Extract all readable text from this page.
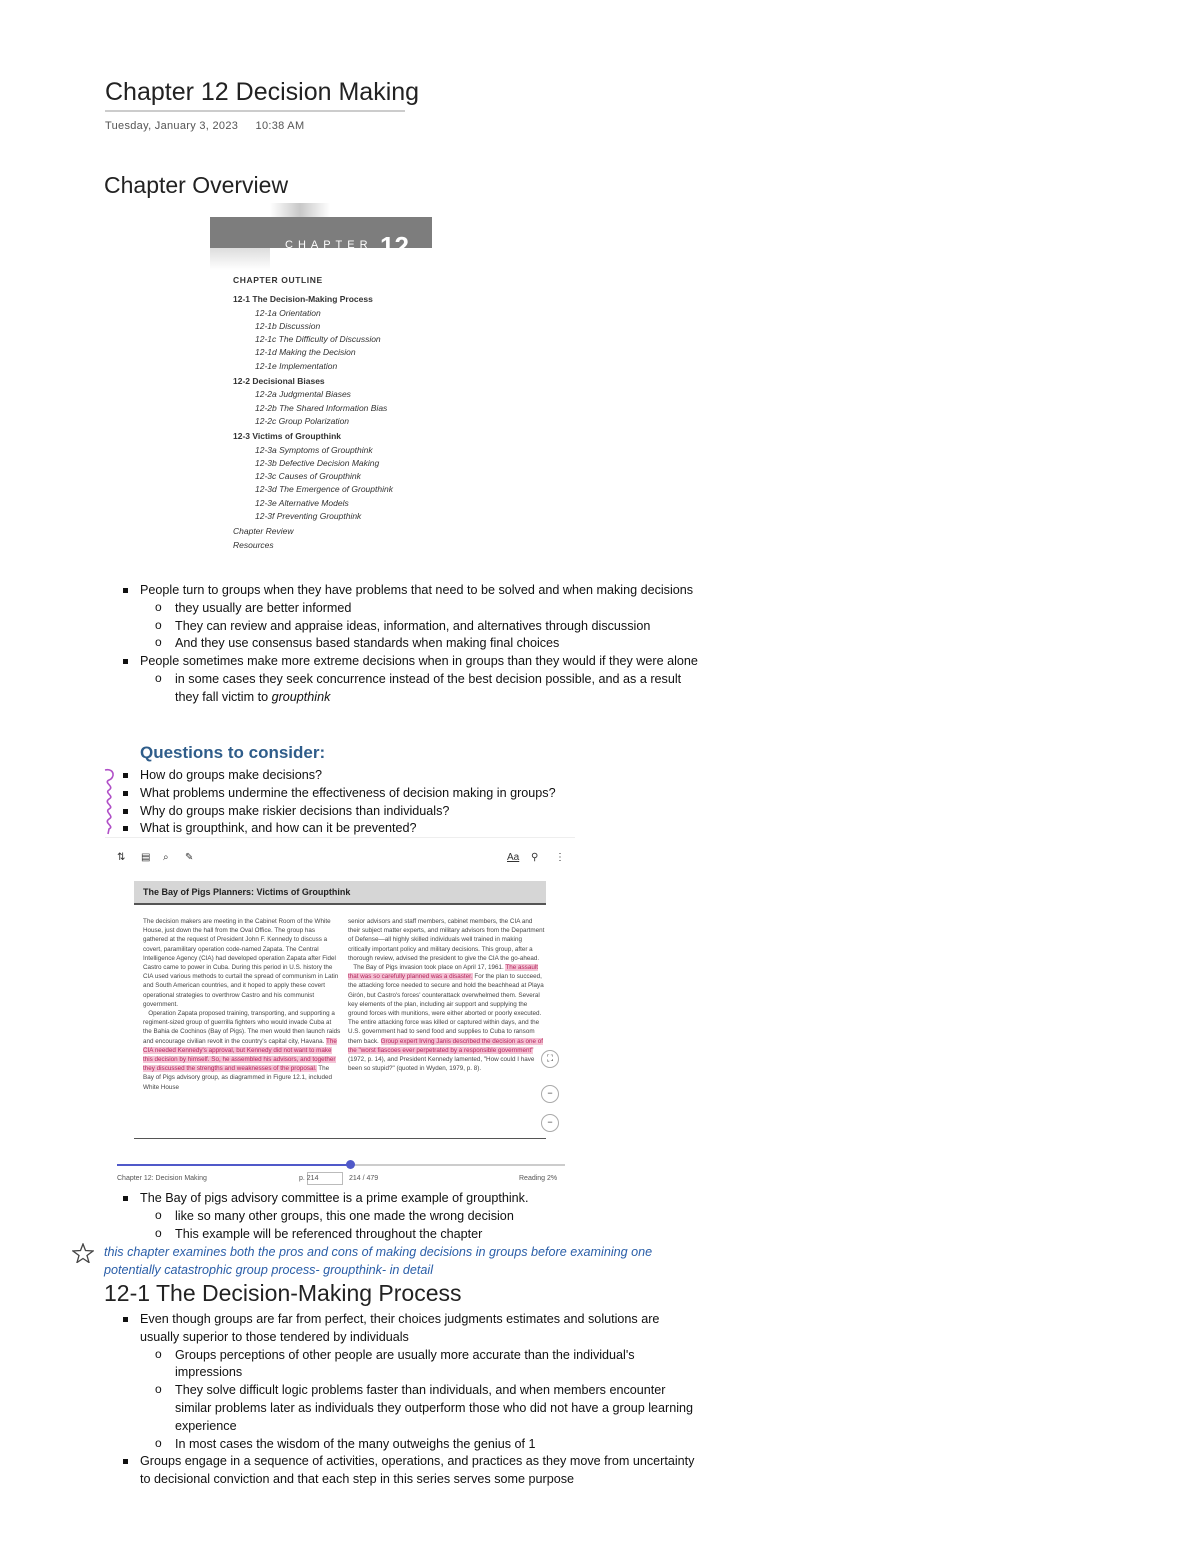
Chapter 12 Decision Making
Tuesday, January 3, 2023 10:38 AM
Chapter Overview
CHAPTER 12
CHAPTER OUTLINE
12-1 The Decision-Making Process
12-1a Orientation
12-1b Discussion
12-1c The Difficulty of Discussion
12-1d Making the Decision
12-1e Implementation
12-2 Decisional Biases
12-2a Judgmental Biases
12-2b The Shared Information Bias
12-2c Group Polarization
12-3 Victims of Groupthink
12-3a Symptoms of Groupthink
12-3b Defective Decision Making
12-3c Causes of Groupthink
12-3d The Emergence of Groupthink
12-3e Alternative Models
12-3f Preventing Groupthink
Chapter Review
Resources
People turn to groups when they have problems that need to be solved and when making decisions
o they usually are better informed
o They can review and appraise ideas, information, and alternatives through discussion
o And they use consensus based standards when making final choices
People sometimes make more extreme decisions when in groups than they would if they were alone
o in some cases they seek concurrence instead of the best decision possible, and as a result they fall victim to groupthink
Questions to consider:
How do groups make decisions?
What problems undermine the effectiveness of decision making in groups?
Why do groups make riskier decisions than individuals?
What is groupthink, and how can it be prevented?
⇅ ▤ ⌕ ✎	Aa ⚲ ⋮
The Bay of Pigs Planners: Victims of Groupthink
The decision makers are meeting in the Cabinet Room of the White House, just down the hall from the Oval Office. The group has gathered at the request of President John F. Kennedy to discuss a covert, paramilitary operation code-named Zapata. The Central Intelligence Agency (CIA) had developed operation Zapata after Fidel Castro came to power in Cuba. During this period in U.S. history the CIA used various methods to curtail the spread of communism in Latin and South American countries, and it hoped to apply these covert operational strategies to overthrow Castro and his communist government.
Operation Zapata proposed training, transporting, and supporting a regiment-sized group of guerrilla fighters who would invade Cuba at the Bahia de Cochinos (Bay of Pigs). The men would then launch raids and encourage civilian revolt in the country's capital city, Havana. The CIA needed Kennedy's approval, but Kennedy did not want to make this decision by himself. So, he assembled his advisors, and together they discussed the strengths and weaknesses of the proposal. The Bay of Pigs advisory group, as diagrammed in Figure 12.1, included White House
senior advisors and staff members, cabinet members, the CIA and their subject matter experts, and military advisors from the Department of Defense—all highly skilled individuals well trained in making critically important policy and military decisions. This group, after a thorough review, advised the president to give the CIA the go-ahead.
The Bay of Pigs invasion took place on April 17, 1961. The assault that was so carefully planned was a disaster. For the plan to succeed, the attacking force needed to secure and hold the beachhead at Playa Girón, but Castro's forces' counterattack overwhelmed them. Several key elements of the plan, including air support and supplying the ground forces with munitions, were either aborted or poorly executed. The entire attacking force was killed or captured within days, and the U.S. government had to send food and supplies to Cuba to ransom them back. Group expert Irving Janis described the decision as one of the "worst fiascoes ever perpetrated by a responsible government" (1972, p. 14), and President Kennedy lamented, "How could I have been so stupid?" (quoted in Wyden, 1979, p. 8).
⛶
−
−
Chapter 12: Decision Making	p. 214	214 / 479	Reading 2%
The Bay of pigs advisory committee is a prime example of groupthink.
o like so many other groups, this one made the wrong decision
o This example will be referenced throughout the chapter
this chapter examines both the pros and cons of making decisions in groups before examining one potentially catastrophic group process- groupthink- in detail
12-1 The Decision-Making Process
Even though groups are far from perfect, their choices judgments estimates and solutions are usually superior to those tendered by individuals
o Groups perceptions of other people are usually more accurate than the individual's impressions
o They solve difficult logic problems faster than individuals, and when members encounter similar problems later as individuals they outperform those who did not have a group learning experience
o In most cases the wisdom of the many outweighs the genius of 1
Groups engage in a sequence of activities, operations, and practices as they move from uncertainty to decisional conviction and that each step in this series serves some purpose
